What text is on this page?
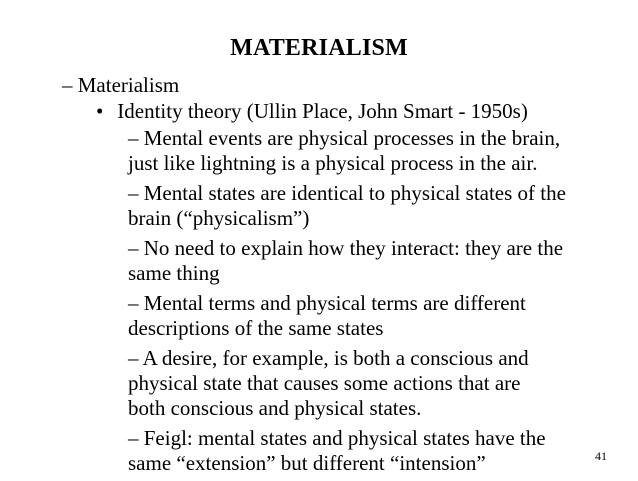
MATERIALISM
– Materialism
• Identity theory (Ullin Place, John Smart - 1950s)
– Mental events are physical processes in the brain,
just like lightning is a physical process in the air.
– Mental states are identical to physical states of the
brain (“physicalism”)
– No need to explain how they interact: they are the
same thing
– Mental terms and physical terms are different
descriptions of the same states
– A desire, for example, is both a conscious and
physical state that causes some actions that are
both conscious and physical states.
– Feigl: mental states and physical states have the
same “extension” but different “intension”	41
